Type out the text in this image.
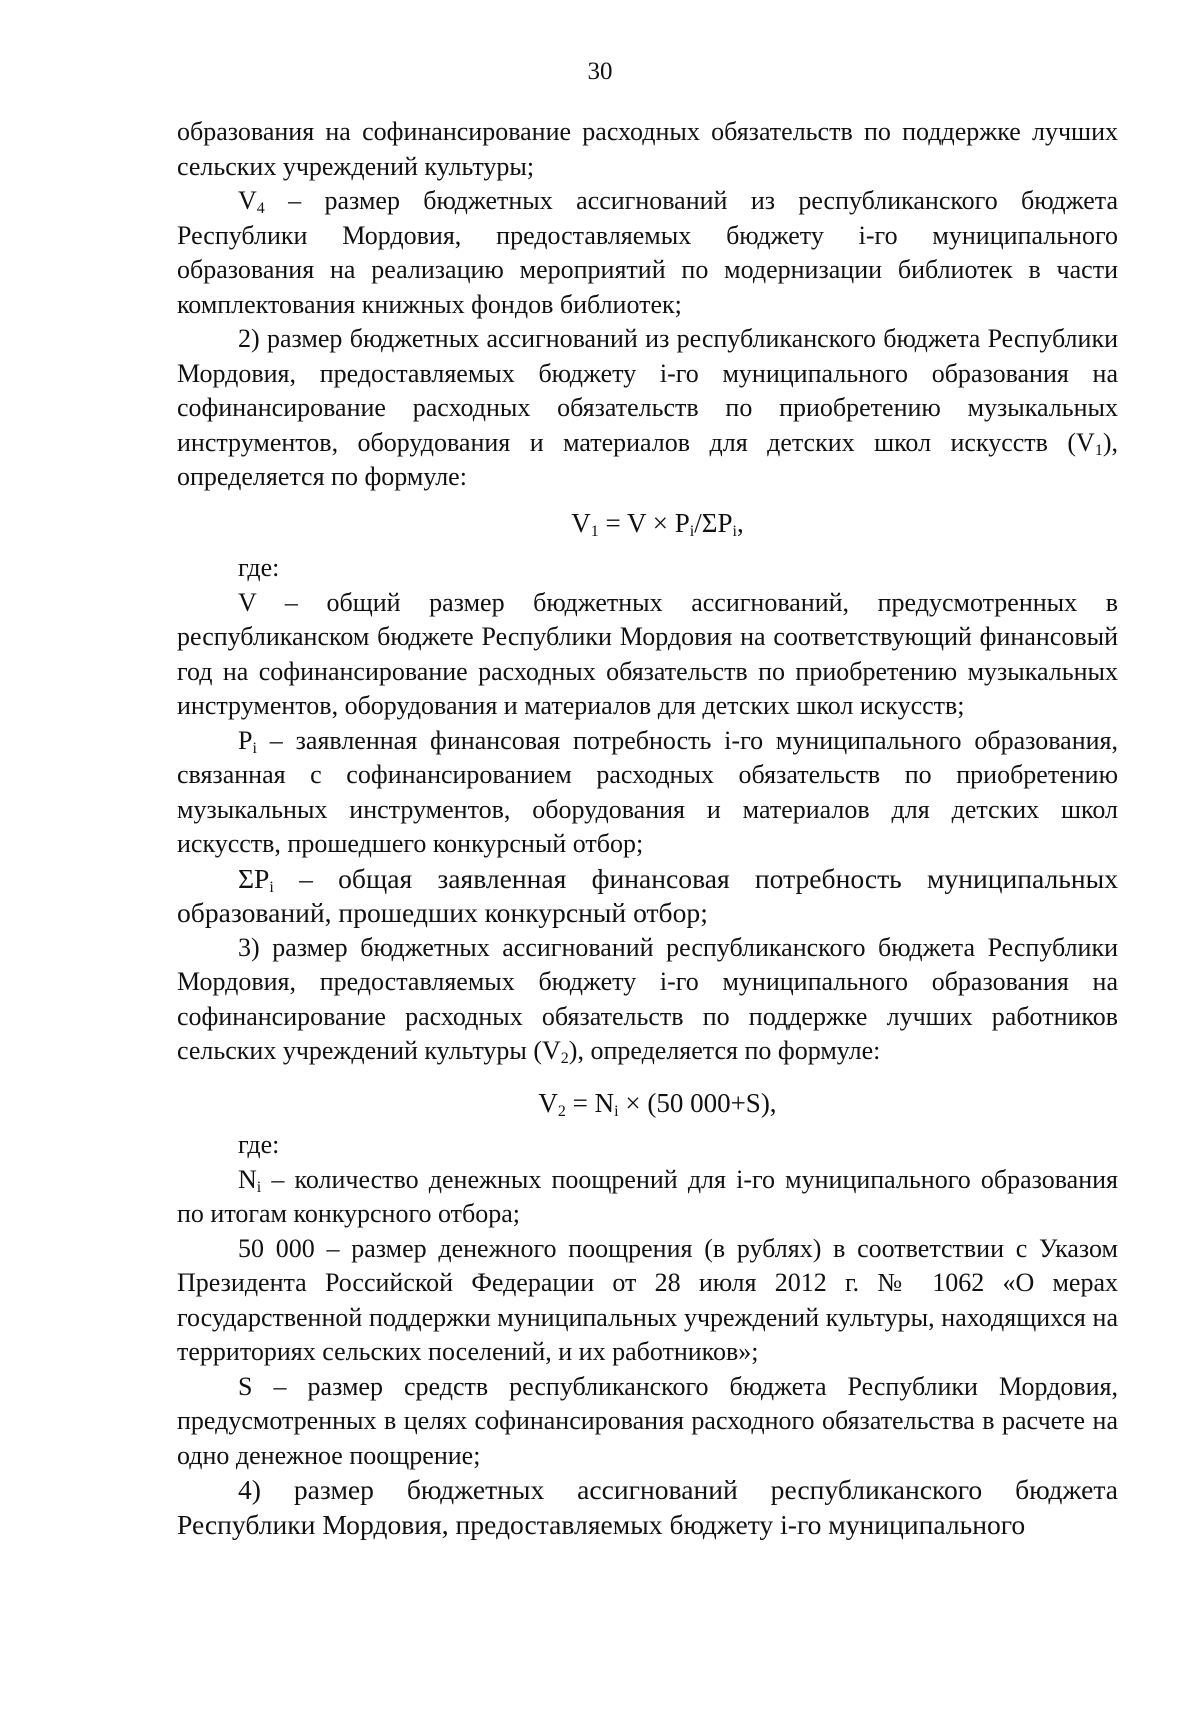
30

образования на софинансирование расходных обязательств по поддержке лучших сельских учреждений культуры;

$V_4$ – размер бюджетных ассигнований из республиканского бюджета Республики Мордовия, предоставляемых бюджету i-го муниципального образования на реализацию мероприятий по модернизации библиотек в части комплектования книжных фондов библиотек;

2) размер бюджетных ассигнований из республиканского бюджета Республики Мордовия, предоставляемых бюджету i-го муниципального образования на софинансирование расходных обязательств по приобретению музыкальных инструментов, оборудования и материалов для детских школ искусств $(V_1)$, определяется по формуле:

$V_1 = V \times P_i/\Sigma P_i$,

где:

V – общий размер бюджетных ассигнований, предусмотренных в республиканском бюджете Республики Мордовия на соответствующий финансовый год на софинансирование расходных обязательств по приобретению музыкальных инструментов, оборудования и материалов для детских школ искусств;

$P_i$ – заявленная финансовая потребность i-го муниципального образования, связанная с софинансированием расходных обязательств по приобретению музыкальных инструментов, оборудования и материалов для детских школ искусств, прошедшего конкурсный отбор;

$\Sigma P_i$ – общая заявленная финансовая потребность муниципальных образований, прошедших конкурсный отбор;

3) размер бюджетных ассигнований республиканского бюджета Республики Мордовия, предоставляемых бюджету i-го муниципального образования на софинансирование расходных обязательств по поддержке лучших работников сельских учреждений культуры $(V_2)$, определяется по формуле:

$V_2 = N_i \times (50$ 000+S),

где:

$N_i$ – количество денежных поощрений для i-го муниципального образования по итогам конкурсного отбора;

50 000 – размер денежного поощрения (в рублях) в соответствии с Указом Президента Российской Федерации от 28 июля 2012 г. № 1062 «О мерах государственной поддержки муниципальных учреждений культуры, находящихся на территориях сельских поселений, и их работников»;

S – размер средств республиканского бюджета Республики Мордовия, предусмотренных в целях софинансирования расходного обязательства в расчете на одно денежное поощрение;

4) размер бюджетных ассигнований республиканского бюджета Республики Мордовия, предоставляемых бюджету i-го муниципального
